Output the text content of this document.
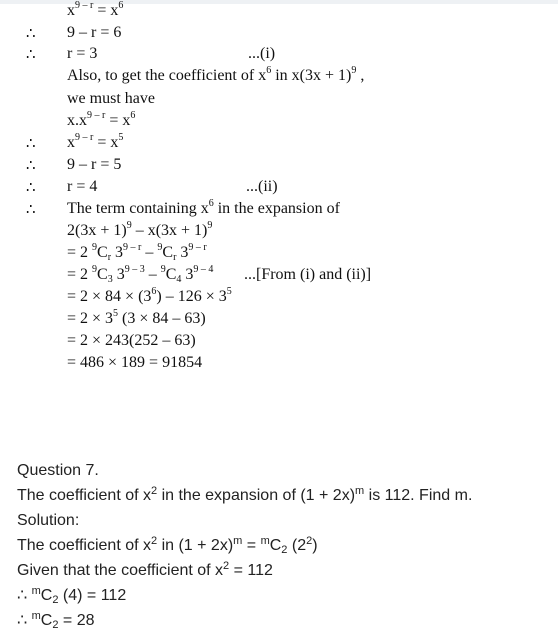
$x^{9 - r} = x^6$
∴ 9 – r = 6
∴ r = 3	...(i)
Also, to get the coefficient of $x^6$ in $x(3x + 1)^9$ ,
we must have
$x.x^{9 - r} = x^6$
∴ $x^{9 - r} = x^5$
∴ 9 – r = 5
∴ r = 4	...(ii)
∴ The term containing $x^6$ in the expansion of
$2(3x + 1)^9 - x(3x + 1)^9$
= 2 $^9C_r$ $3^{9 - r} - ^9C_r$ $3^{9 - r}$
= 2 $^9C_3$ $3^{9 - 3} - ^9C_4$ 3$^{9 - 4}$ ...[From (i) and (ii)]
= $2 \times 84 \times (3^6) - 126 \times 3^5$
= $2 \times 3^5$ (3 × 84 – 63)
= 2 × 243(252 – 63)
= 486 × 189 = 91854
Question 7.
The coefficient of $x^2$ in the expansion of $(1 + 2x)^m$ is 112. Find m.
Solution:
The coefficient of $x^2$ in $(1 + 2x)^m = ^mC_2$ $(2^2)$
Given that the coefficient of $x^2 = 112$
∴ $^mC_2$ (4) = 112
∴ $^mC_2 = 28$
